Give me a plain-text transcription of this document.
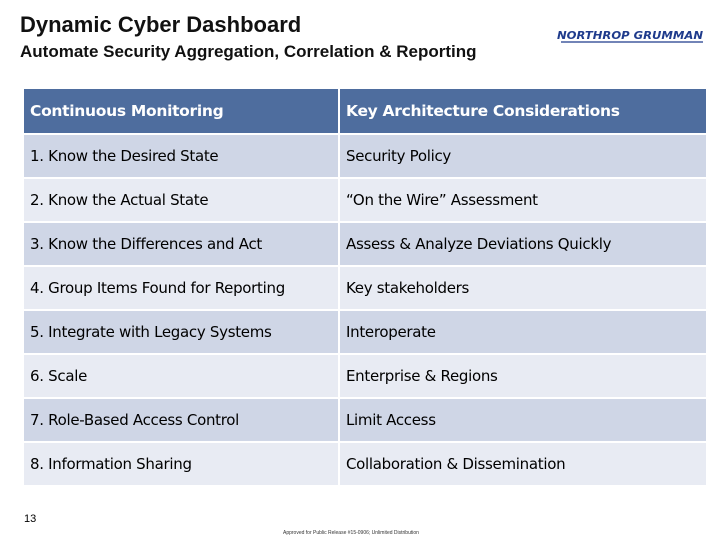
Dynamic Cyber Dashboard
Automate Security Aggregation, Correlation & Reporting
NORTHROP GRUMMAN
Continuous Monitoring	Key Architecture Considerations
1. Know the Desired State	Security Policy
2. Know the Actual State	“On the Wire” Assessment
3. Know the Differences and Act	Assess & Analyze Deviations Quickly
4. Group Items Found for Reporting	Key stakeholders
5. Integrate with Legacy Systems	Interoperate
6. Scale	Enterprise & Regions
7. Role-Based Access Control	Limit Access
8. Information Sharing	Collaboration & Dissemination
13
Approved for Public Release #15-0906; Unlimited Distribution
